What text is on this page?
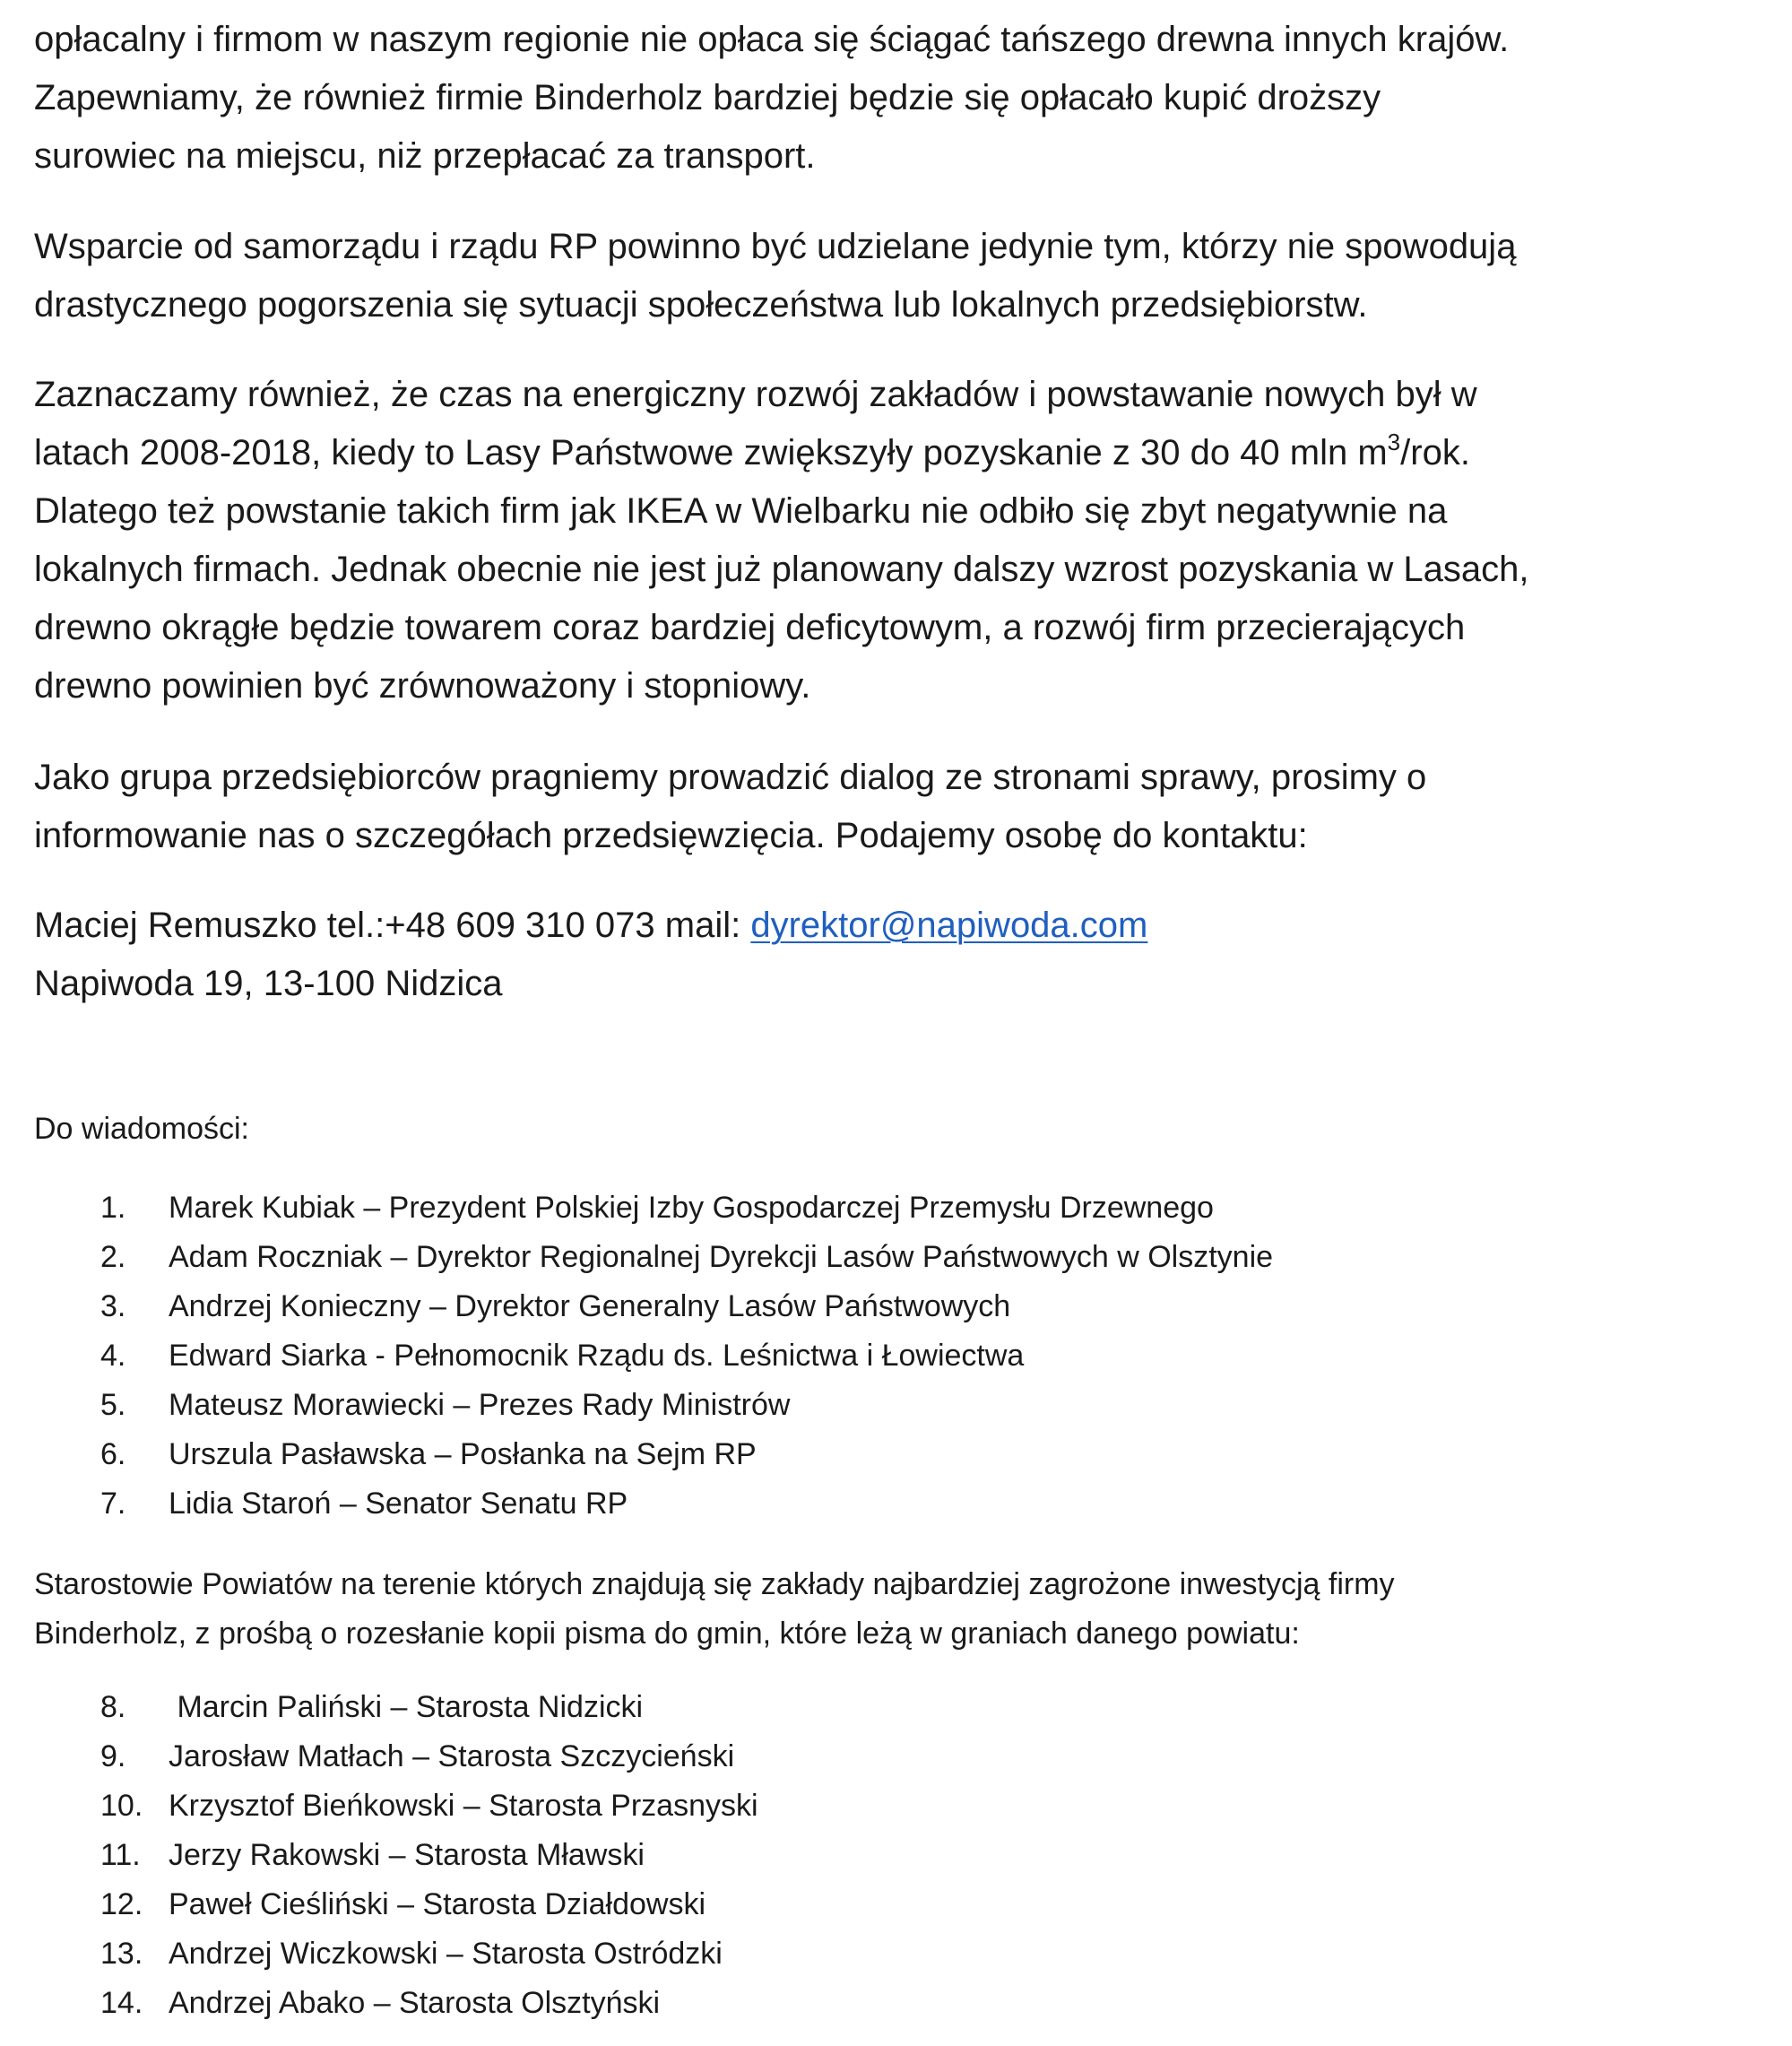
opłacalny i firmom w naszym regionie nie opłaca się ściągać tańszego drewna innych krajów.
Zapewniamy, że również firmie Binderholz bardziej będzie się opłacało kupić droższy
surowiec na miejscu, niż przepłacać za transport.

Wsparcie od samorządu i rządu RP powinno być udzielane jedynie tym, którzy nie spowodują
drastycznego pogorszenia się sytuacji społeczeństwa lub lokalnych przedsiębiorstw.

Zaznaczamy również, że czas na energiczny rozwój zakładów i powstawanie nowych był w
latach 2008-2018, kiedy to Lasy Państwowe zwiększyły pozyskanie z 30 do 40 mln $m^3$/rok.
Dlatego też powstanie takich firm jak IKEA w Wielbarku nie odbiło się zbyt negatywnie na
lokalnych firmach. Jednak obecnie nie jest już planowany dalszy wzrost pozyskania w Lasach,
drewno okrągłe będzie towarem coraz bardziej deficytowym, a rozwój firm przecierających
drewno powinien być zrównoważony i stopniowy.

Jako grupa przedsiębiorców pragniemy prowadzić dialog ze stronami sprawy, prosimy o
informowanie nas o szczegółach przedsięwzięcia. Podajemy osobę do kontaktu:

Maciej Remuszko tel.:+48 609 310 073 mail: dyrektor@napiwoda.com
Napiwoda 19, 13-100 Nidzica

Do wiadomości:

1. Marek Kubiak – Prezydent Polskiej Izby Gospodarczej Przemysłu Drzewnego
2. Adam Roczniak – Dyrektor Regionalnej Dyrekcji Lasów Państwowych w Olsztynie
3. Andrzej Konieczny – Dyrektor Generalny Lasów Państwowych
4. Edward Siarka - Pełnomocnik Rządu ds. Leśnictwa i Łowiectwa
5. Mateusz Morawiecki – Prezes Rady Ministrów
6. Urszula Pasławska – Posłanka na Sejm RP
7. Lidia Staroń – Senator Senatu RP

Starostowie Powiatów na terenie których znajdują się zakłady najbardziej zagrożone inwestycją firmy
Binderholz, z prośbą o rozesłanie kopii pisma do gmin, które leżą w graniach danego powiatu:

8. Marcin Paliński – Starosta Nidzicki
9. Jarosław Matłach – Starosta Szczycieński
10. Krzysztof Bieńkowski – Starosta Przasnyski
11. Jerzy Rakowski – Starosta Mławski
12. Paweł Cieśliński – Starosta Działdowski
13. Andrzej Wiczkowski – Starosta Ostródzki
14. Andrzej Abako – Starosta Olsztyński
